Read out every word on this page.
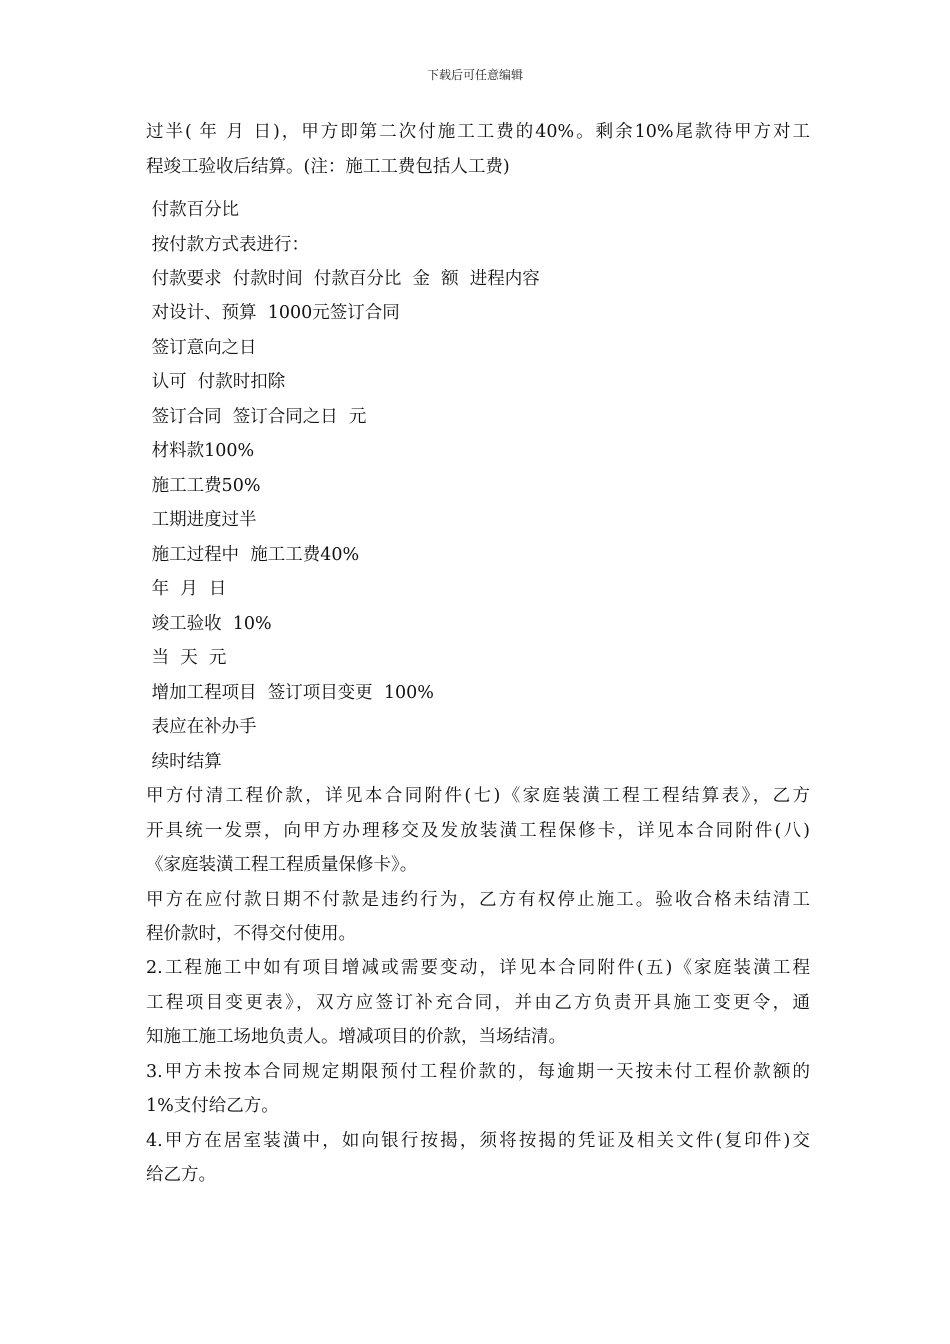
下载后可任意编辑
过半( 年 月 日)，甲方即第二次付施工工费的40%。剩余10%尾款待甲方对工
程竣工验收后结算。(注：施工工费包括人工费)
付款百分比
按付款方式表进行：
付款要求  付款时间  付款百分比  金  额  进程内容
对设计、预算  1000元签订合同
签订意向之日
认可  付款时扣除
签订合同  签订合同之日  元
材料款100%
施工工费50%
工期进度过半
施工过程中  施工工费40%
年  月  日
竣工验收  10%
当  天  元
增加工程项目  签订项目变更  100%
表应在补办手
续时结算
甲方付清工程价款，详见本合同附件(七)《家庭装潢工程工程结算表》，乙方
开具统一发票，向甲方办理移交及发放装潢工程保修卡，详见本合同附件(八)
《家庭装潢工程工程质量保修卡》。
甲方在应付款日期不付款是违约行为，乙方有权停止施工。验收合格未结清工
程价款时，不得交付使用。
2.工程施工中如有项目增减或需要变动，详见本合同附件(五)《家庭装潢工程
工程项目变更表》，双方应签订补充合同，并由乙方负责开具施工变更令，通
知施工施工场地负责人。增减项目的价款，当场结清。
3.甲方未按本合同规定期限预付工程价款的，每逾期一天按未付工程价款额的
1%支付给乙方。
4.甲方在居室装潢中，如向银行按揭，须将按揭的凭证及相关文件(复印件)交
给乙方。
